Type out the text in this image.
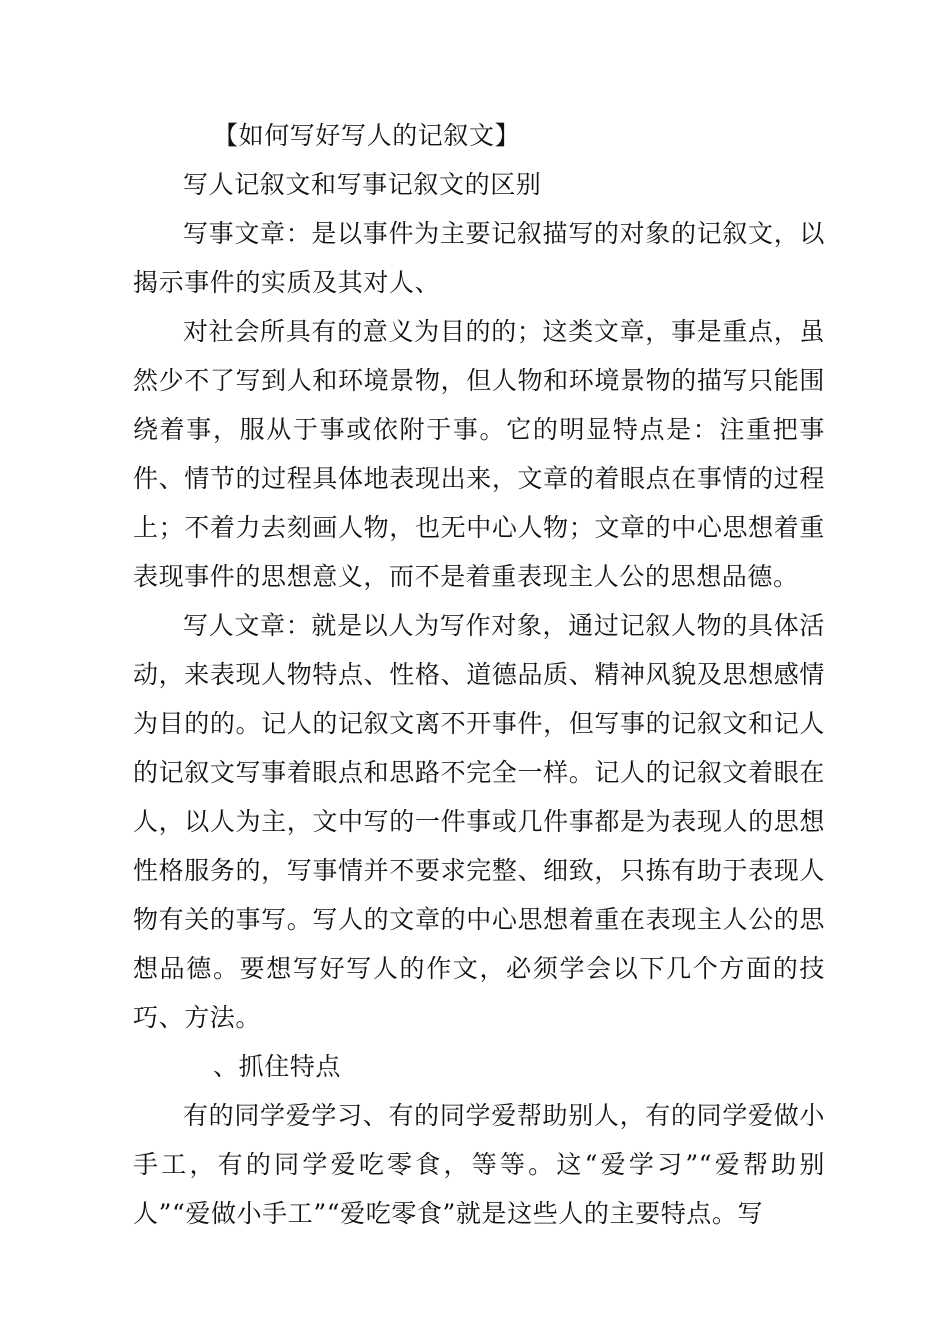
【如何写好写人的记叙文】

写人记叙文和写事记叙文的区别

写事文章：是以事件为主要记叙描写的对象的记叙文，以揭示事件的实质及其对人、

对社会所具有的意义为目的的；这类文章，事是重点，虽然少不了写到人和环境景物，但人物和环境景物的描写只能围绕着事，服从于事或依附于事。它的明显特点是：注重把事件、情节的过程具体地表现出来，文章的着眼点在事情的过程上；不着力去刻画人物，也无中心人物；文章的中心思想着重表现事件的思想意义，而不是着重表现主人公的思想品德。

写人文章：就是以人为写作对象，通过记叙人物的具体活动，来表现人物特点、性格、道德品质、精神风貌及思想感情为目的的。记人的记叙文离不开事件，但写事的记叙文和记人的记叙文写事着眼点和思路不完全一样。记人的记叙文着眼在人，以人为主，文中写的一件事或几件事都是为表现人的思想性格服务的，写事情并不要求完整、细致，只拣有助于表现人物有关的事写。写人的文章的中心思想着重在表现主人公的思想品德。要想写好写人的作文，必须学会以下几个方面的技巧、方法。

、抓住特点

有的同学爱学习、有的同学爱帮助别人，有的同学爱做小手工，有的同学爱吃零食，等等。这“爱学习”“爱帮助别人”“爱做小手工”“爱吃零食”就是这些人的主要特点。写
